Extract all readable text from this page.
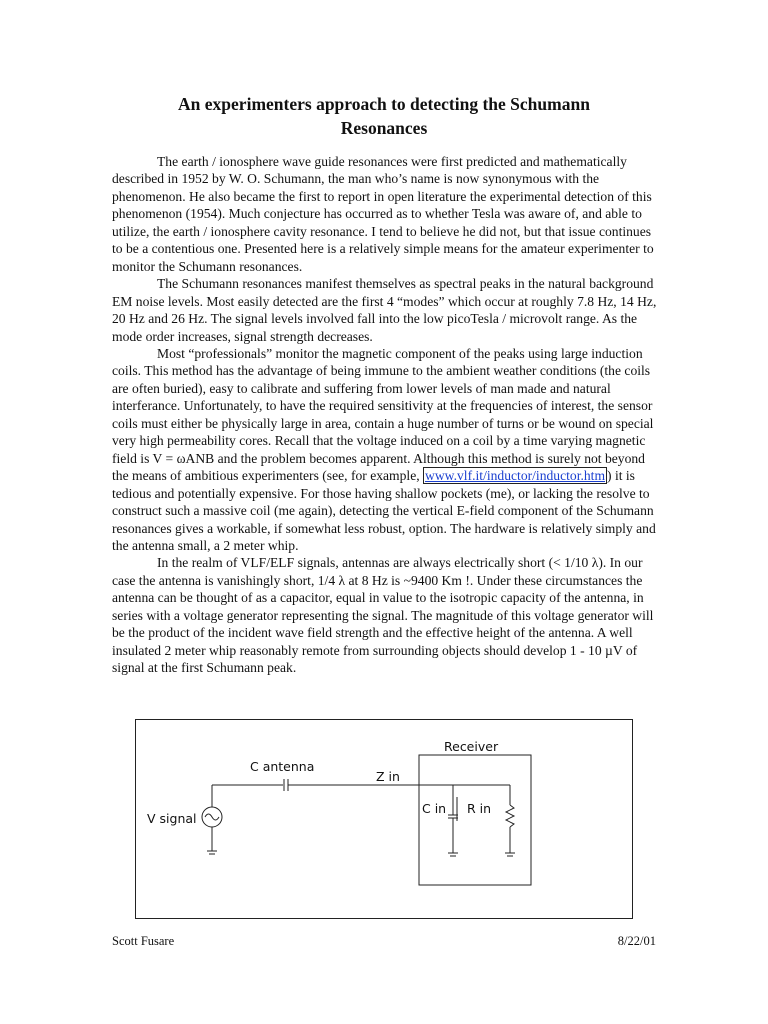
An experimenters approach to detecting the Schumann
Resonances

The earth / ionosphere wave guide resonances were first predicted and mathematically described in 1952 by W. O. Schumann, the man who’s name is now synonymous with the phenomenon. He also became the first to report in open literature the experimental detection of this phenomenon (1954). Much conjecture has occurred as to whether Tesla was aware of, and able to utilize, the earth / ionosphere cavity resonance. I tend to believe he did not, but that issue continues to be a contentious one. Presented here is a relatively simple means for the amateur experimenter to monitor the Schumann resonances.

The Schumann resonances manifest themselves as spectral peaks in the natural background EM noise levels. Most easily detected are the first 4 “modes” which occur at roughly 7.8 Hz, 14 Hz, 20 Hz and 26 Hz. The signal levels involved fall into the low picoTesla / microvolt range. As the mode order increases, signal strength decreases.

Most “professionals” monitor the magnetic component of the peaks using large induction coils. This method has the advantage of being immune to the ambient weather conditions (the coils are often buried), easy to calibrate and suffering from lower levels of man made and natural interferance. Unfortunately, to have the required sensitivity at the frequencies of interest, the sensor coils must either be physically large in area, contain a huge number of turns or be wound on special very high permeability cores. Recall that the voltage induced on a coil by a time varying magnetic field is V = ωANB and the problem becomes apparent. Although this method is surely not beyond the means of ambitious experimenters (see, for example, www.vlf.it/inductor/inductor.htm ) it is tedious and potentially expensive. For those having shallow pockets (me), or lacking the resolve to construct such a massive coil (me again), detecting the vertical E-field component of the Schumann resonances gives a workable, if somewhat less robust, option. The hardware is relatively simply and the antenna small, a 2 meter whip.

In the realm of VLF/ELF signals, antennas are always electrically short (< 1/10 λ). In our case the antenna is vanishingly short, 1/4 λ at 8 Hz is ~9400 Km !. Under these circumstances the antenna can be thought of as a capacitor, equal in value to the isotropic capacity of the antenna, in series with a voltage generator representing the signal. The magnitude of this voltage generator will be the product of the incident wave field strength and the effective height of the antenna. A well insulated 2 meter whip reasonably remote from surrounding objects should develop 1 - 10 µV of signal at the first Schumann peak.

Receiver
V signal
C antenna
Z in
C in R in
Scott Fusare	8/22/01
